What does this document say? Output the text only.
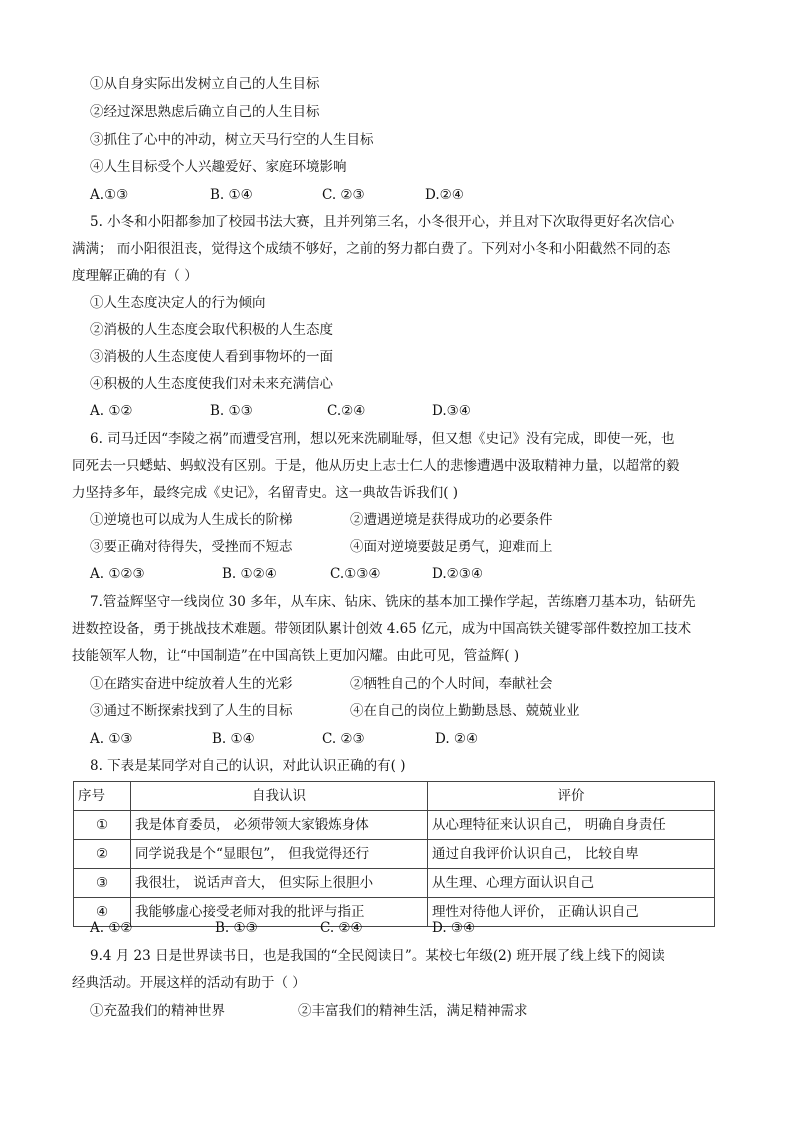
①从自身实际出发树立自己的人生目标
②经过深思熟虑后确立自己的人生目标
③抓住了心中的冲动，树立天马行空的人生目标
④人生目标受个人兴趣爱好、家庭环境影响
A.①③	B. ①④	C. ②③	D.②④
5. 小冬和小阳都参加了校园书法大赛，且并列第三名，小冬很开心，并且对下次取得更好名次信心
满满； 而小阳很沮丧，觉得这个成绩不够好，之前的努力都白费了。下列对小冬和小阳截然不同的态
度理解正确的有（ ）
①人生态度决定人的行为倾向
②消极的人生态度会取代积极的人生态度
③消极的人生态度使人看到事物坏的一面
④积极的人生态度使我们对未来充满信心
A. ①②	B. ①③	C.②④	D.③④
6. 司马迁因“李陵之祸”而遭受宫刑，想以死来洗刷耻辱，但又想《史记》没有完成，即使一死，也
同死去一只蟋蛄、蚂蚁没有区别。于是，他从历史上志士仁人的悲惨遭遇中汲取精神力量，以超常的毅
力坚持多年，最终完成《史记》，名留青史。这一典故告诉我们( )
①逆境也可以成为人生成长的阶梯	②遭遇逆境是获得成功的必要条件
③要正确对待得失，受挫而不短志	④面对逆境要鼓足勇气，迎难而上
A. ①②③	B. ①②④	C.①③④	D.②③④
7.管益辉坚守一线岗位 30 多年，从车床、钻床、铣床的基本加工操作学起，苦练磨刀基本功，钻研先
进数控设备，勇于挑战技术难题。带领团队累计创效 4.65 亿元，成为中国高铁关键零部件数控加工技术
技能领军人物，让“中国制造”在中国高铁上更加闪耀。由此可见，管益辉( )
①在踏实奋进中绽放着人生的光彩	②牺牲自己的个人时间，奉献社会
③通过不断探索找到了人生的目标	④在自己的岗位上勤勤恳恳、兢兢业业
A. ①③	B. ①④	C. ②③	D. ②④
8. 下表是某同学对自己的认识，对此认识正确的有( )
序号	自我认识	评价
①	我是体育委员， 必须带领大家锻炼身体	从心理特征来认识自己， 明确自身责任
②	同学说我是个“显眼包”， 但我觉得还行	通过自我评价认识自己， 比较自卑
③	我很壮， 说话声音大， 但实际上很胆小	从生理、心理方面认识自己
④	我能够虚心接受老师对我的批评与指正	理性对待他人评价， 正确认识自己
A. ①②	B. ①③	C. ②④	D. ③④
9.4 月 23 日是世界读书日，也是我国的“全民阅读日”。某校七年级(2) 班开展了线上线下的阅读
经典活动。开展这样的活动有助于（ ）
①充盈我们的精神世界	②丰富我们的精神生活，满足精神需求
